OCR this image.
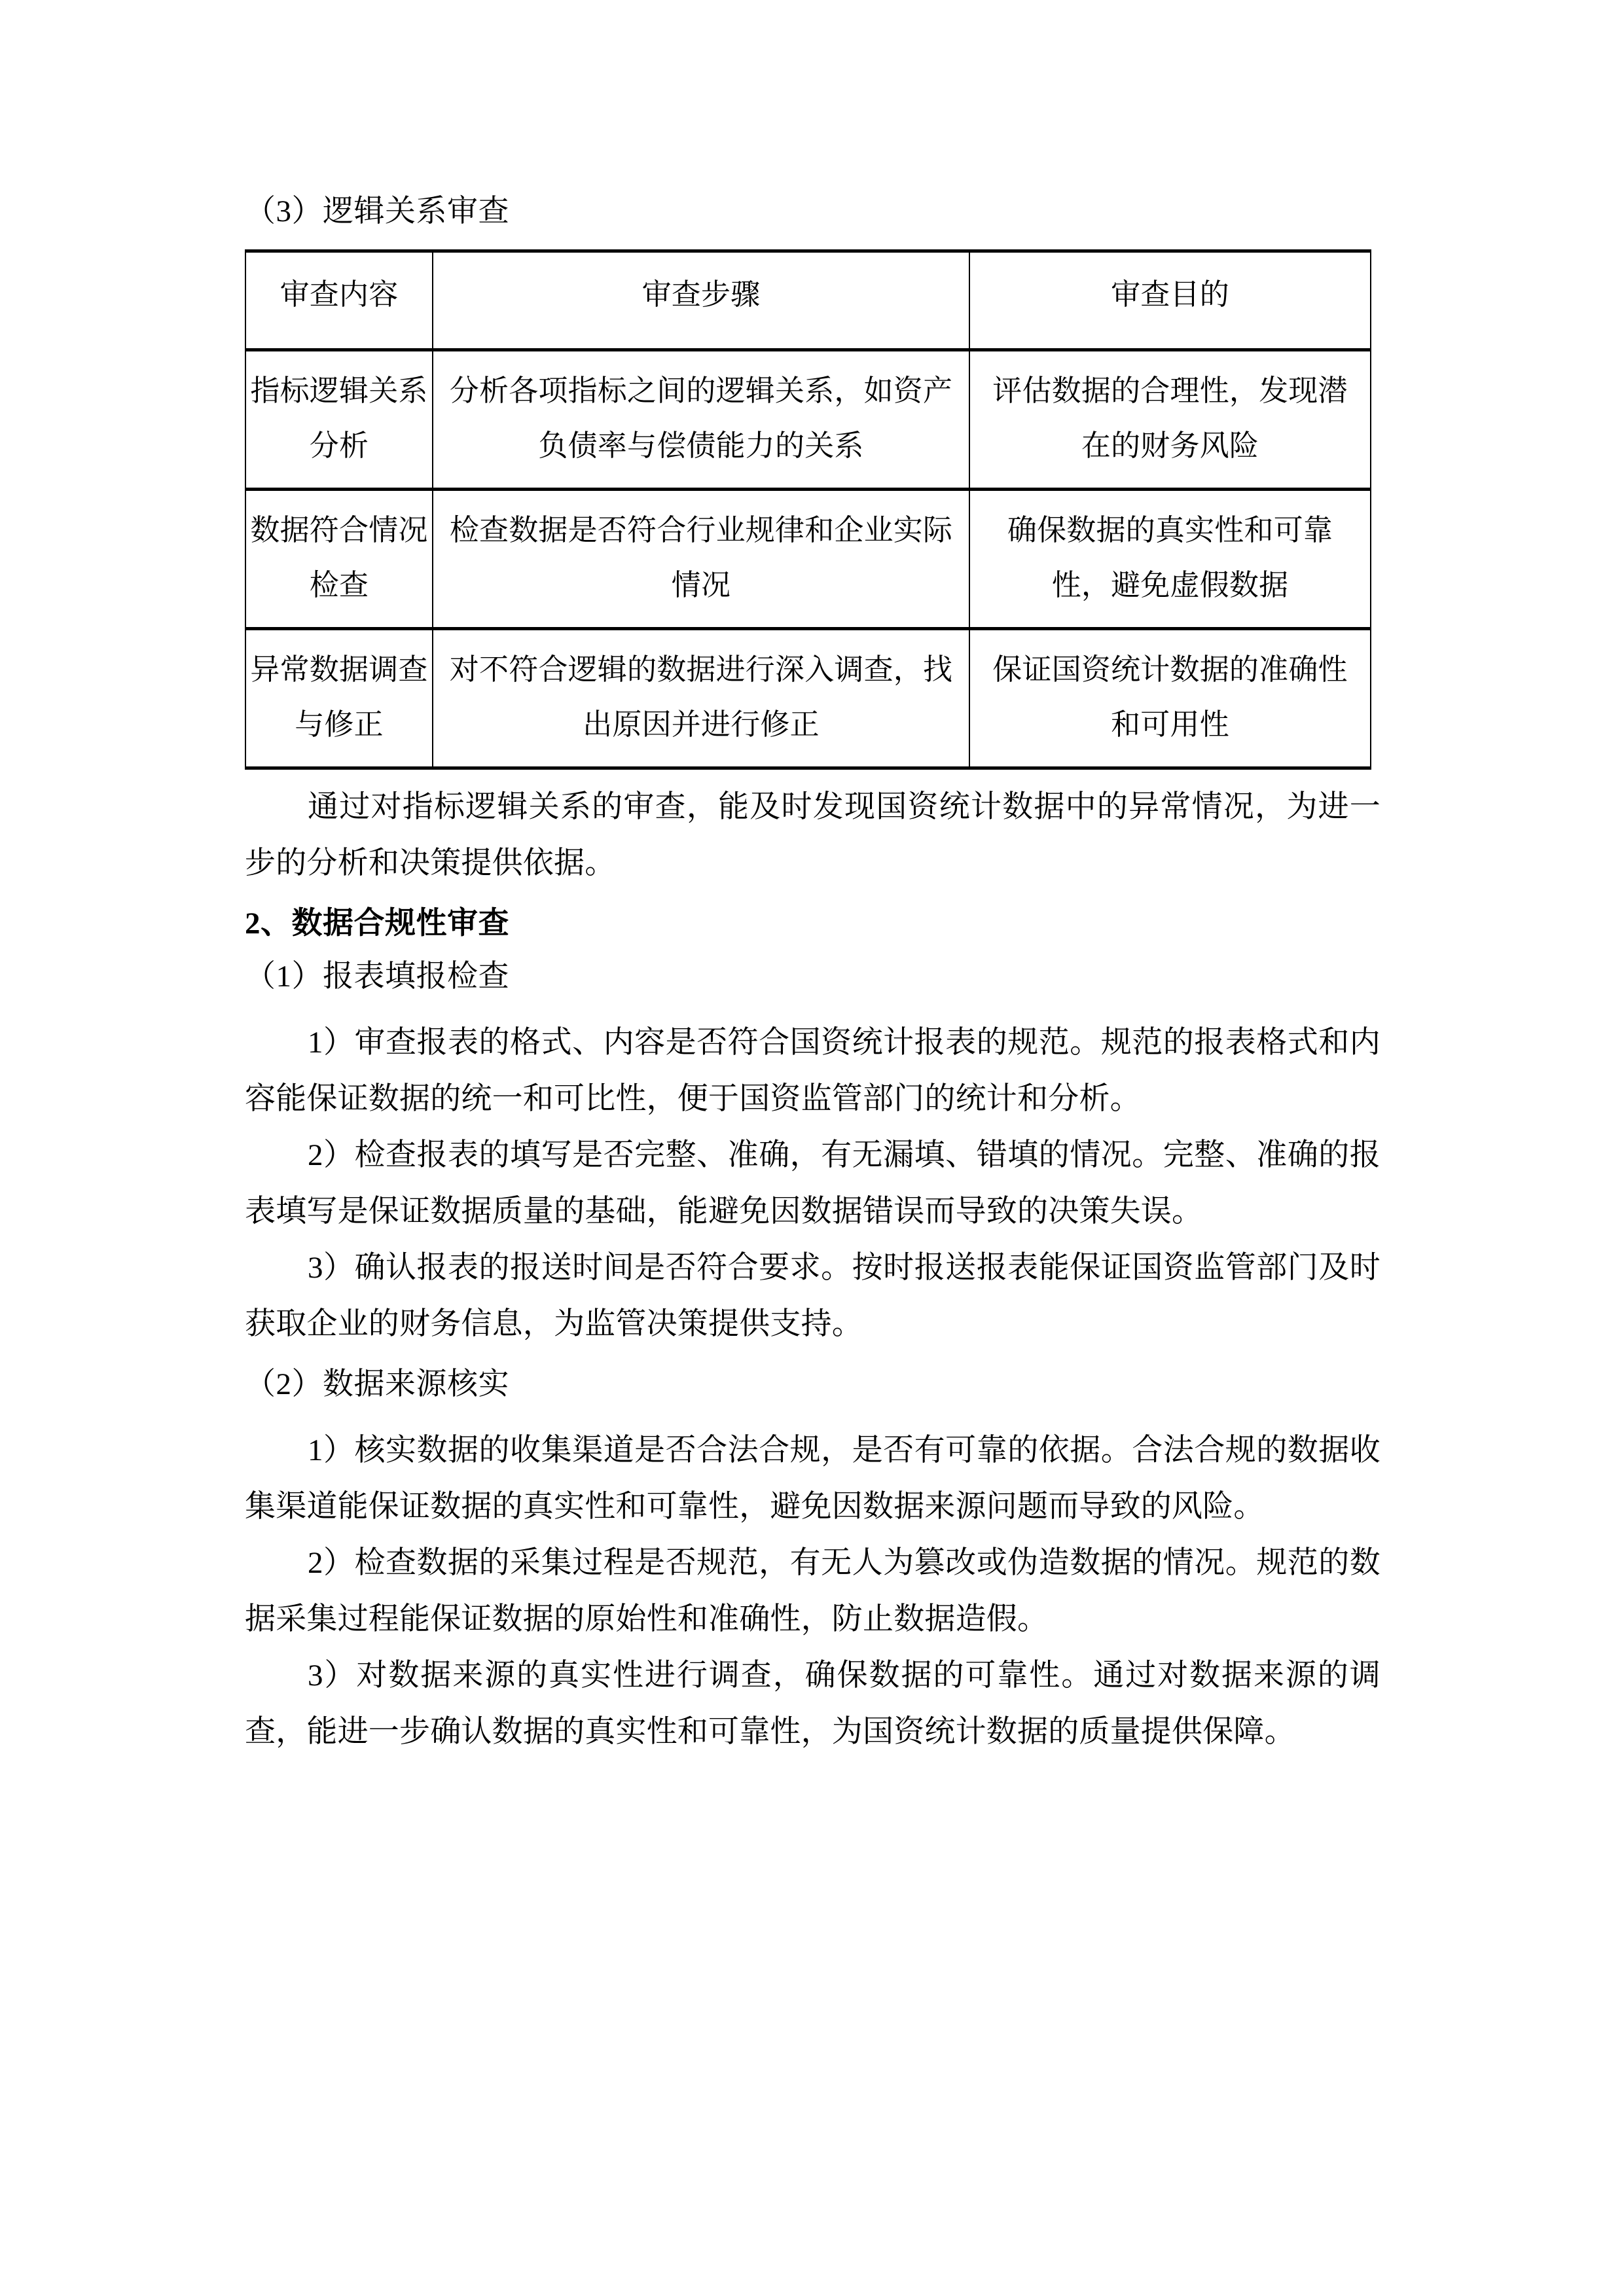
（3）逻辑关系审查
审查内容	审查步骤	审查目的
指标逻辑关系分析	分析各项指标之间的逻辑关系，如资产负债率与偿债能力的关系	评估数据的合理性，发现潜在的财务风险
数据符合情况检查	检查数据是否符合行业规律和企业实际情况	确保数据的真实性和可靠性，避免虚假数据
异常数据调查与修正	对不符合逻辑的数据进行深入调查，找出原因并进行修正	保证国资统计数据的准确性和可用性
通过对指标逻辑关系的审查，能及时发现国资统计数据中的异常情况，为进一步的分析和决策提供依据。
2、数据合规性审查
（1）报表填报检查
1）审查报表的格式、内容是否符合国资统计报表的规范。规范的报表格式和内容能保证数据的统一和可比性，便于国资监管部门的统计和分析。
2）检查报表的填写是否完整、准确，有无漏填、错填的情况。完整、准确的报表填写是保证数据质量的基础，能避免因数据错误而导致的决策失误。
3）确认报表的报送时间是否符合要求。按时报送报表能保证国资监管部门及时获取企业的财务信息，为监管决策提供支持。
（2）数据来源核实
1）核实数据的收集渠道是否合法合规，是否有可靠的依据。合法合规的数据收集渠道能保证数据的真实性和可靠性，避免因数据来源问题而导致的风险。
2）检查数据的采集过程是否规范，有无人为篡改或伪造数据的情况。规范的数据采集过程能保证数据的原始性和准确性，防止数据造假。
3）对数据来源的真实性进行调查，确保数据的可靠性。通过对数据来源的调查，能进一步确认数据的真实性和可靠性，为国资统计数据的质量提供保障。
